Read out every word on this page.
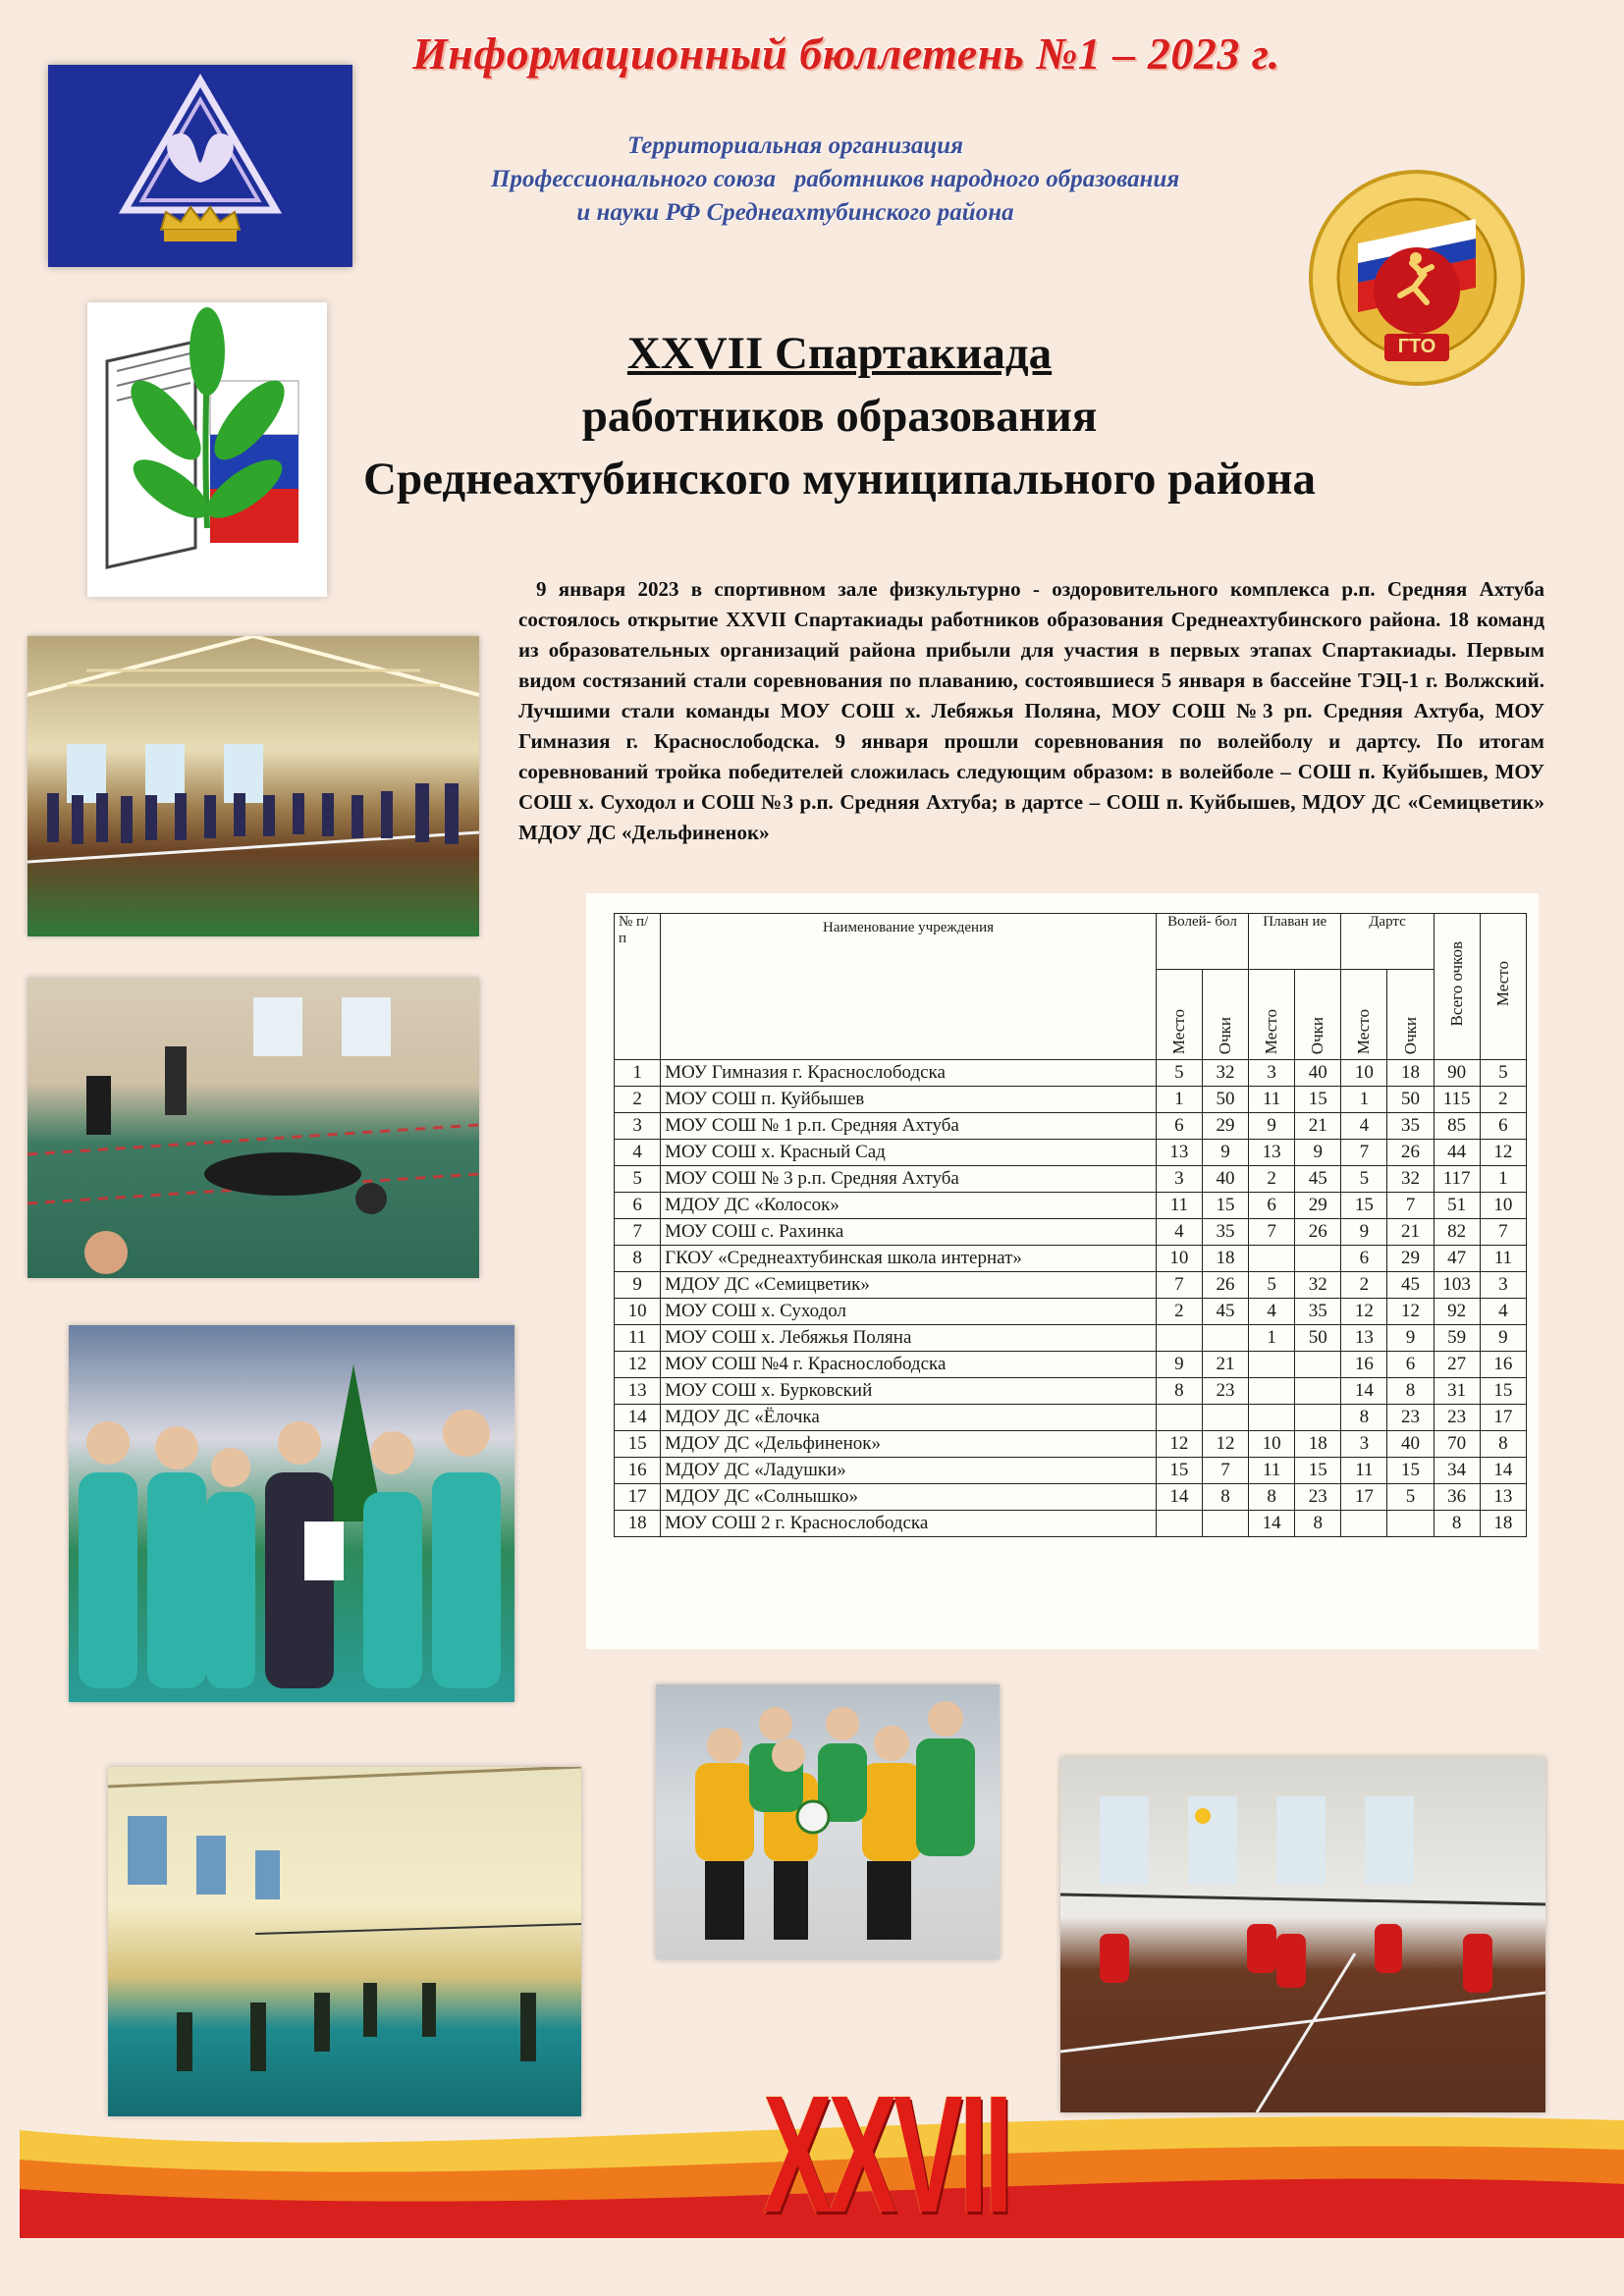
Информационный бюллетень №1 – 2023 г.
Территориальная организация
Профессионального союза   работников народного образования
и науки РФ Среднеахтубинского района
ГТО
XXVII Спартакиада
работников образования
Среднеахтубинского муниципального района
9 января 2023 в спортивном зале физкультурно - оздоровительного комплекса р.п. Средняя Ахтуба состоялось открытие XXVII Спартакиады работников образования Среднеахтубинского района. 18 команд из образовательных организаций района прибыли для участия в первых этапах Спартакиады. Первым видом состязаний стали соревнования по плаванию, состоявшиеся 5 января в бассейне ТЭЦ-1 г. Волжский. Лучшими стали команды МОУ СОШ х. Лебяжья Поляна, МОУ СОШ №3 рп. Средняя Ахтуба, МОУ Гимназия г. Краснослободска. 9 января прошли соревнования по волейболу и дартсу. По итогам соревнований тройка победителей сложилась следующим образом: в волейболе – СОШ п. Куйбышев, МОУ СОШ х. Суходол и СОШ №3 р.п. Средняя Ахтуба; в дартсе – СОШ п. Куйбышев, МДОУ ДС «Семицветик» МДОУ ДС «Дельфиненок»
№ п/ п	Наименование учреждения	Волей- бол		Плаван ие		Дартс		Всего очков	Место
		Место	Очки	Место	Очки	Место	Очки		
1	МОУ Гимназия г. Краснослободска	5	32	3	40	10	18	90	5
2	МОУ СОШ п. Куйбышев	1	50	11	15	1	50	115	2
3	МОУ СОШ № 1 р.п. Средняя Ахтуба	6	29	9	21	4	35	85	6
4	МОУ СОШ х. Красный Сад	13	9	13	9	7	26	44	12
5	МОУ СОШ № 3 р.п. Средняя Ахтуба	3	40	2	45	5	32	117	1
6	МДОУ ДС «Колосок»	11	15	6	29	15	7	51	10
7	МОУ СОШ с. Рахинка	4	35	7	26	9	21	82	7
8	ГКОУ «Среднеахтубинская школа интернат»	10	18			6	29	47	11
9	МДОУ ДС «Семицветик»	7	26	5	32	2	45	103	3
10	МОУ СОШ х. Суходол	2	45	4	35	12	12	92	4
11	МОУ СОШ х. Лебяжья Поляна			1	50	13	9	59	9
12	МОУ СОШ №4 г. Краснослободска	9	21			16	6	27	16
13	МОУ СОШ х. Бурковский	8	23			14	8	31	15
14	МДОУ ДС «Ёлочка					8	23	23	17
15	МДОУ ДС «Дельфиненок»	12	12	10	18	3	40	70	8
16	МДОУ ДС «Ладушки»	15	7	11	15	11	15	34	14
17	МДОУ ДС «Солнышко»	14	8	8	23	17	5	36	13
18	МОУ СОШ 2 г. Краснослободска			14	8			8	18
XXVII
